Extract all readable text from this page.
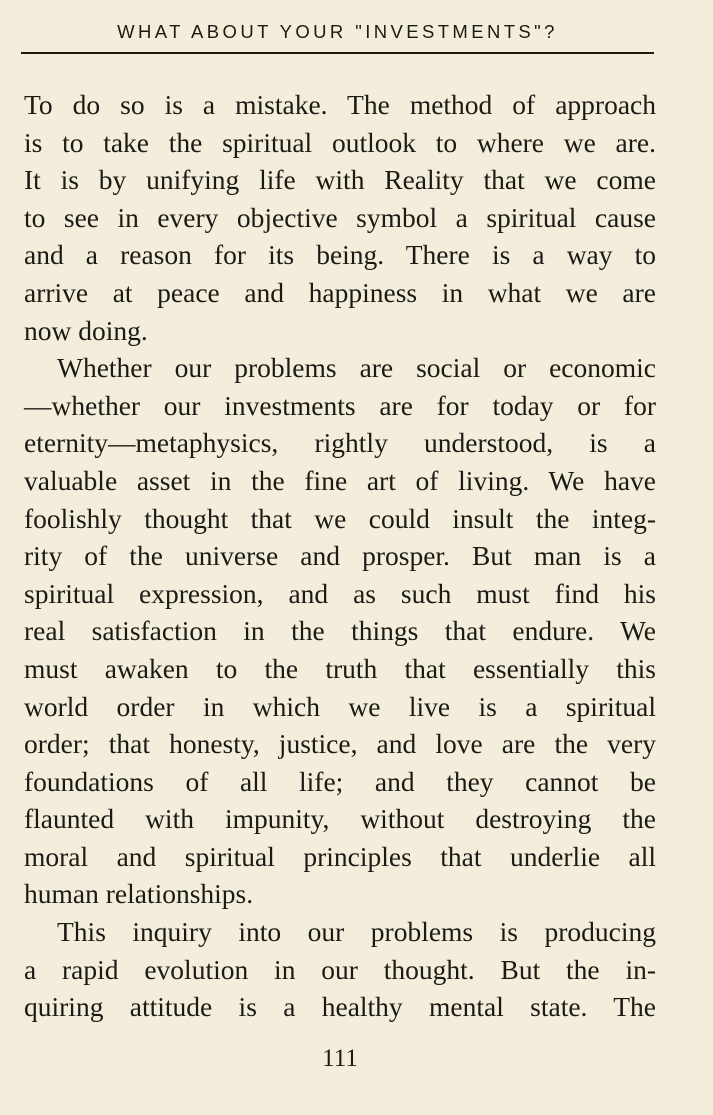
WHAT ABOUT YOUR "INVESTMENTS"?
To do so is a mistake. The method of approach
is to take the spiritual outlook to where we are.
It is by unifying life with Reality that we come
to see in every objective symbol a spiritual cause
and a reason for its being. There is a way to
arrive at peace and happiness in what we are
now doing.
Whether our problems are social or economic
—whether our investments are for today or for
eternity—metaphysics, rightly understood, is a
valuable asset in the fine art of living. We have
foolishly thought that we could insult the integ-
rity of the universe and prosper. But man is a
spiritual expression, and as such must find his
real satisfaction in the things that endure. We
must awaken to the truth that essentially this
world order in which we live is a spiritual
order; that honesty, justice, and love are the very
foundations of all life; and they cannot be
flaunted with impunity, without destroying the
moral and spiritual principles that underlie all
human relationships.
This inquiry into our problems is producing
a rapid evolution in our thought. But the in-
quiring attitude is a healthy mental state. The
111
